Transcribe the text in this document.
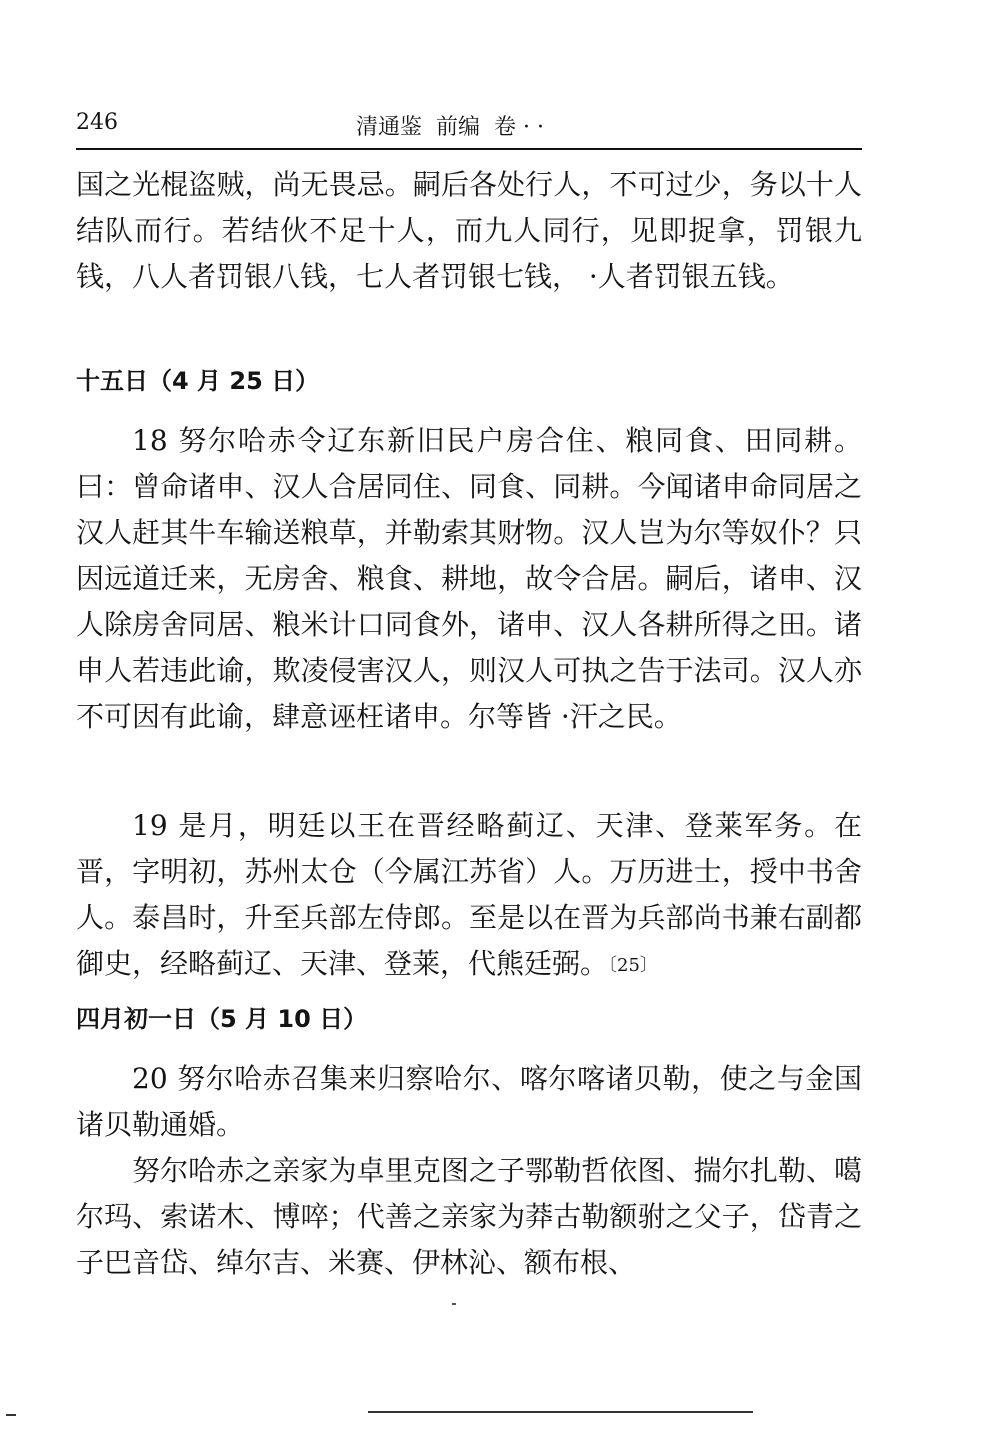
246	清通鉴  前编  卷 · ·

国之光棍盗贼，尚无畏忌。嗣后各处行人，不可过少，务以十人结队而行。若结伙不足十人，而九人同行，见即捉拿，罚银九钱，八人者罚银八钱，七人者罚银七钱， ·人者罚银五钱。

十五日（4 月 25 日）

18 努尔哈赤令辽东新旧民户房合住、粮同食、田同耕。曰：曾命诸申、汉人合居同住、同食、同耕。今闻诸申命同居之汉人赶其牛车输送粮草，并勒索其财物。汉人岂为尔等奴仆？只因远道迁来，无房舍、粮食、耕地，故令合居。嗣后，诸申、汉人除房舍同居、粮米计口同食外，诸申、汉人各耕所得之田。诸申人若违此谕，欺凌侵害汉人，则汉人可执之告于法司。汉人亦不可因有此谕，肆意诬枉诸申。尔等皆 ·汗之民。

19 是月，明廷以王在晋经略蓟辽、天津、登莱军务。在晋，字明初，苏州太仓（今属江苏省）人。万历进士，授中书舍人。泰昌时，升至兵部左侍郎。至是以在晋为兵部尚书兼右副都御史，经略蓟辽、天津、登莱，代熊廷弼。〔25〕

四月初一日（5 月 10 日）

20 努尔哈赤召集来归察哈尔、喀尔喀诸贝勒，使之与金国诸贝勒通婚。

努尔哈赤之亲家为卓里克图之子鄂勒哲依图、揣尔扎勒、噶尔玛、索诺木、博啐；代善之亲家为莽古勒额驸之父子，岱青之子巴音岱、绰尔吉、米赛、伊林沁、额布根、
